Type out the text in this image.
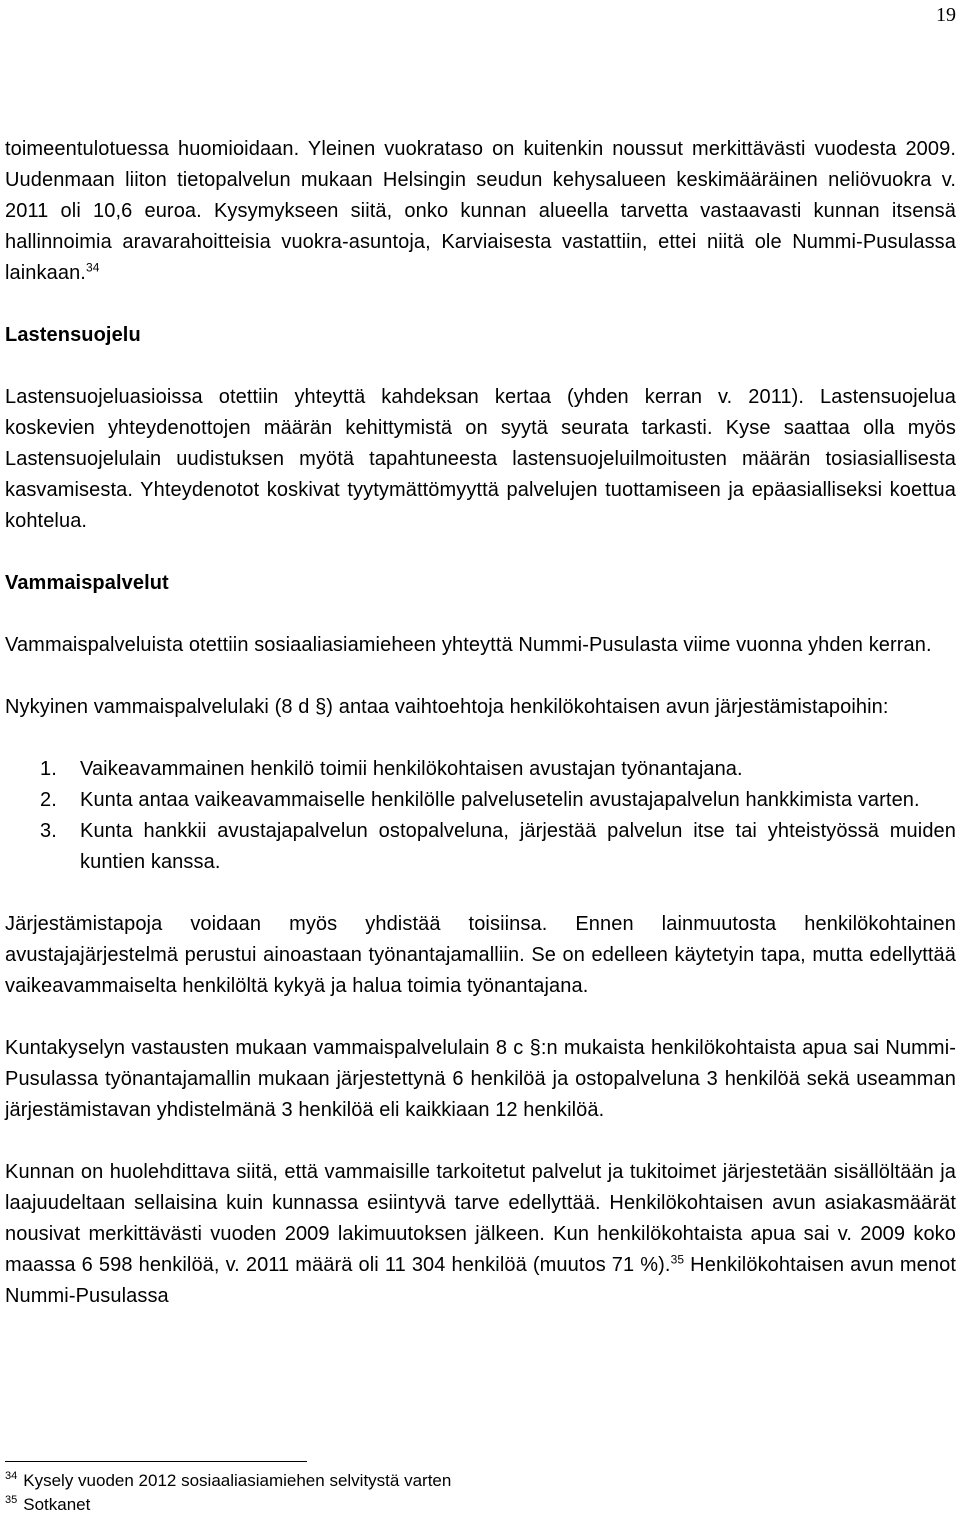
19

toimeentulotuessa huomioidaan. Yleinen vuokrataso on kuitenkin noussut merkittävästi vuodesta 2009. Uudenmaan liiton tietopalvelun mukaan Helsingin seudun kehysalueen keskimääräinen neliövuokra v. 2011 oli 10,6 euroa. Kysymykseen siitä, onko kunnan alueella tarvetta vastaavasti kunnan itsensä hallinnoimia aravarahoitteisia vuokra-asuntoja, Karviaisesta vastattiin, ettei niitä ole Nummi-Pusulassa lainkaan.$^{34}$

Lastensuojelu

Lastensuojeluasioissa otettiin yhteyttä kahdeksan kertaa (yhden kerran v. 2011). Lastensuojelua koskevien yhteydenottojen määrän kehittymistä on syytä seurata tarkasti. Kyse saattaa olla myös Lastensuojelulain uudistuksen myötä tapahtuneesta lastensuojeluilmoitusten määrän tosiasiallisesta kasvamisesta. Yhteydenotot koskivat tyytymättömyyttä palvelujen tuottamiseen ja epäasialliseksi koettua kohtelua.

Vammaispalvelut

Vammaispalveluista otettiin sosiaaliasiamieheen yhteyttä Nummi-Pusulasta viime vuonna yhden kerran.

Nykyinen vammaispalvelulaki (8 d §) antaa vaihtoehtoja henkilökohtaisen avun järjestämistapoihin:

1. Vaikeavammainen henkilö toimii henkilökohtaisen avustajan työnantajana.
2. Kunta antaa vaikeavammaiselle henkilölle palvelusetelin avustajapalvelun hankkimista varten.
3. Kunta hankkii avustajapalvelun ostopalveluna, järjestää palvelun itse tai yhteistyössä muiden kuntien kanssa.

Järjestämistapoja voidaan myös yhdistää toisiinsa. Ennen lainmuutosta henkilökohtainen avustajajärjestelmä perustui ainoastaan työnantajamalliin. Se on edelleen käytetyin tapa, mutta edellyttää vaikeavammaiselta henkilöltä kykyä ja halua toimia työnantajana.

Kuntakyselyn vastausten mukaan vammaispalvelulain 8 c §:n mukaista henkilökohtaista apua sai Nummi-Pusulassa työnantajamallin mukaan järjestettynä 6 henkilöä ja ostopalveluna 3 henkilöä sekä useamman järjestämistavan yhdistelmänä 3 henkilöä eli kaikkiaan 12 henkilöä.

Kunnan on huolehdittava siitä, että vammaisille tarkoitetut palvelut ja tukitoimet järjestetään sisällöltään ja laajuudeltaan sellaisina kuin kunnassa esiintyvä tarve edellyttää. Henkilökohtaisen avun asiakasmäärät nousivat merkittävästi vuoden 2009 lakimuutoksen jälkeen. Kun henkilökohtaista apua sai v. 2009 koko maassa 6 598 henkilöä, v. 2011 määrä oli 11 304 henkilöä (muutos 71 %).$^{35}$ Henkilökohtaisen avun menot Nummi-Pusulassa

$^{34}$ Kysely vuoden 2012 sosiaaliasiamiehen selvitystä varten
$^{35}$ Sotkanet
